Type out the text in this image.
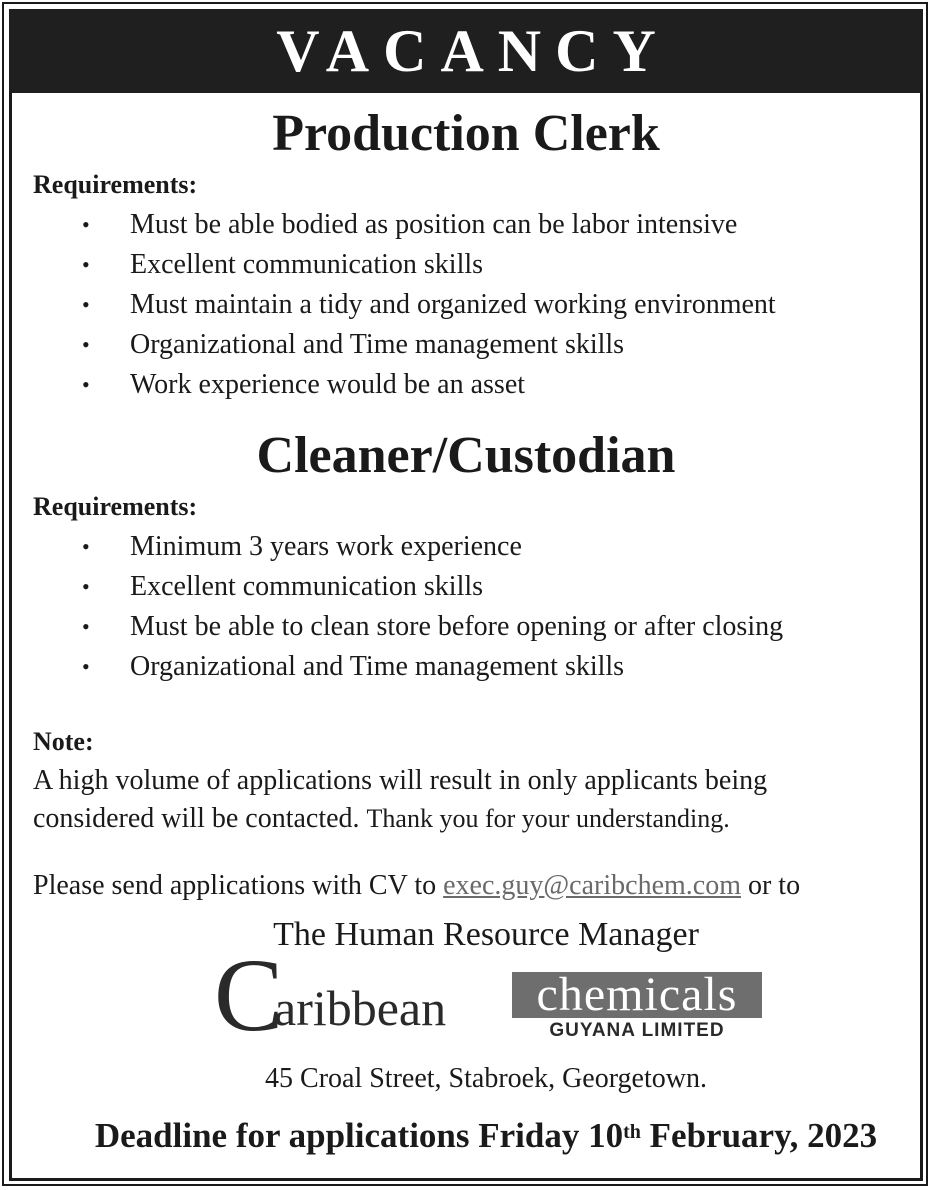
VACANCY
Production Clerk
Requirements:
• Must be able bodied as position can be labor intensive
• Excellent communication skills
• Must maintain a tidy and organized working environment
• Organizational and Time management skills
• Work experience would be an asset
Cleaner/Custodian
Requirements:
• Minimum 3 years work experience
• Excellent communication skills
• Must be able to clean store before opening or after closing
• Organizational and Time management skills
Note:
A high volume of applications will result in only applicants being
considered will be contacted. Thank you for your understanding.
Please send applications with CV to exec.guy@caribchem.com or to
The Human Resource Manager
C
aribbean	chemicals
GUYANA LIMITED
45 Croal Street, Stabroek, Georgetown.
Deadline for applications Friday 10th February, 2023
